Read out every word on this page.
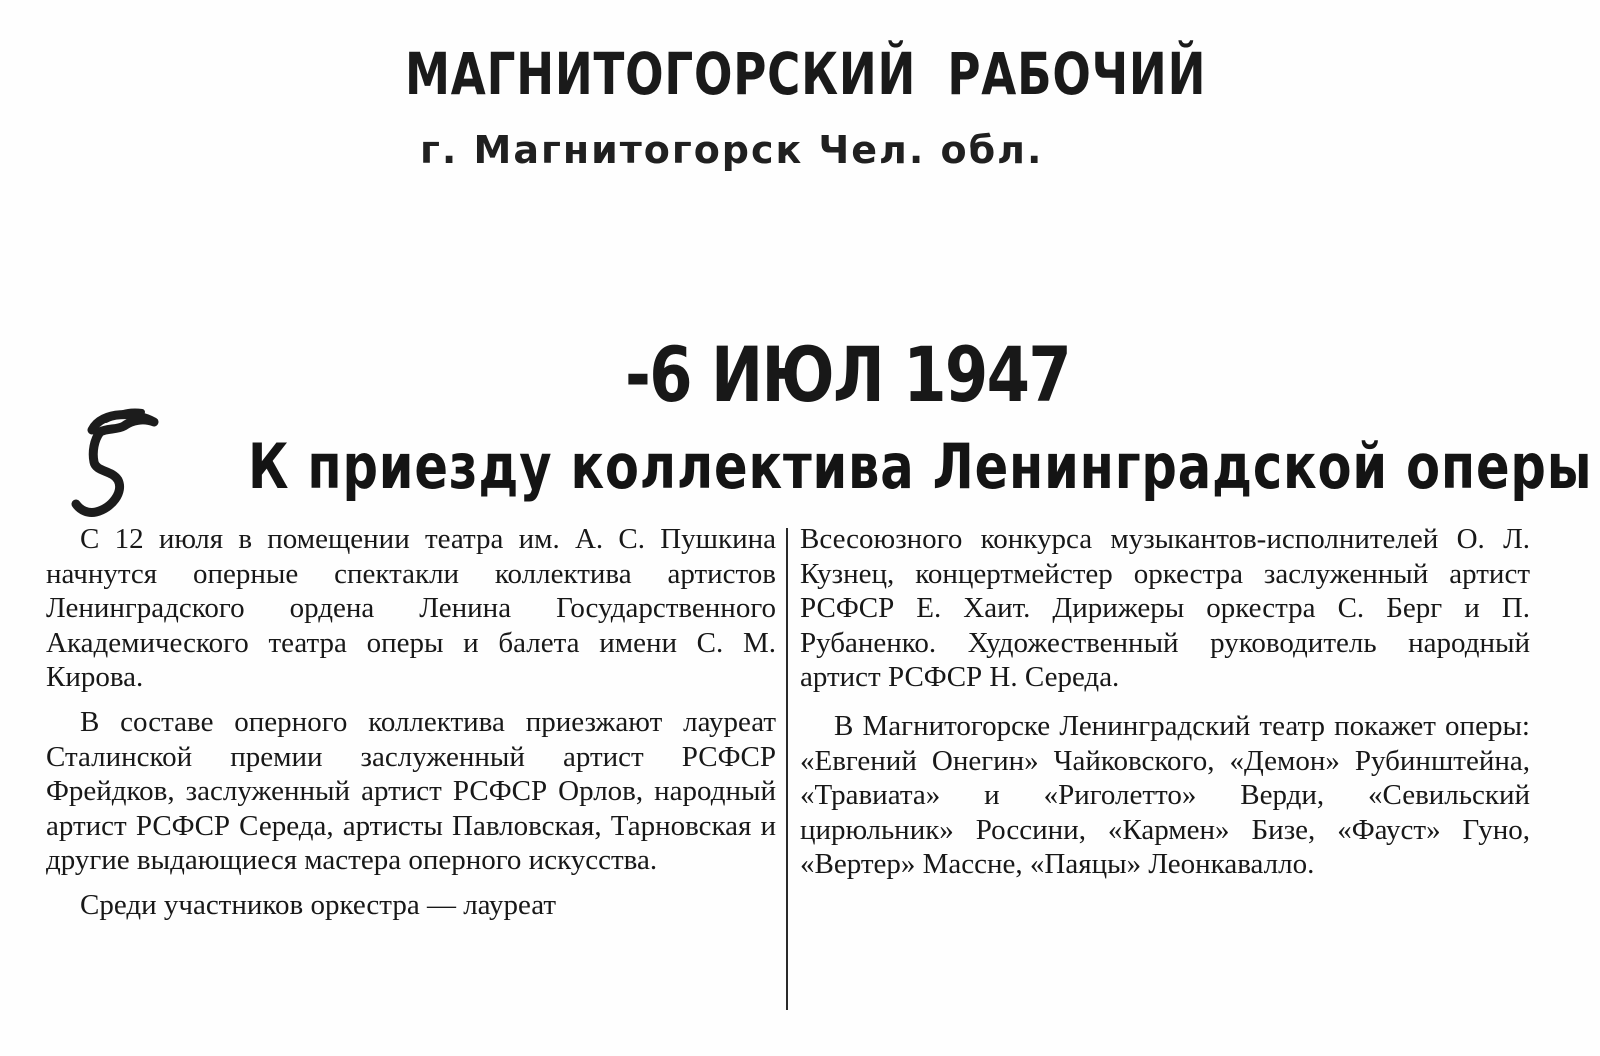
МАГНИТОГОРСКИЙ РАБОЧИЙ
г. Магнитогорск Чел. обл.
-6 ИЮЛ 1947
К приезду коллектива Ленинградской оперы

С 12 июля в помещении театра им. А. С. Пушкина начнутся оперные спектакли коллектива артистов Ленинградского ордена Ленина Государственного Академического театра оперы и балета имени С. М. Кирова.

В составе оперного коллектива приезжают лауреат Сталинской премии заслуженный артист РСФСР Фрейдков, заслуженный артист РСФСР Орлов, народный артист РСФСР Середа, артисты Павловская, Тарновская и другие выдающиеся мастера оперного искусства.

Среди участников оркестра — лауреат

Всесоюзного конкурса музыкантов-исполнителей О. Л. Кузнец, концертмейстер оркестра заслуженный артист РСФСР Е. Хаит. Дирижеры оркестра С. Берг и П. Рубаненко. Художественный руководитель народный артист РСФСР Н. Середа.

В Магнитогорске Ленинградский театр покажет оперы: «Евгений Онегин» Чайковского, «Демон» Рубинштейна, «Травиата» и «Риголетто» Верди, «Севильский цирюльник» Россини, «Кармен» Бизе, «Фауст» Гуно, «Вертер» Массне, «Паяцы» Леонкавалло.
